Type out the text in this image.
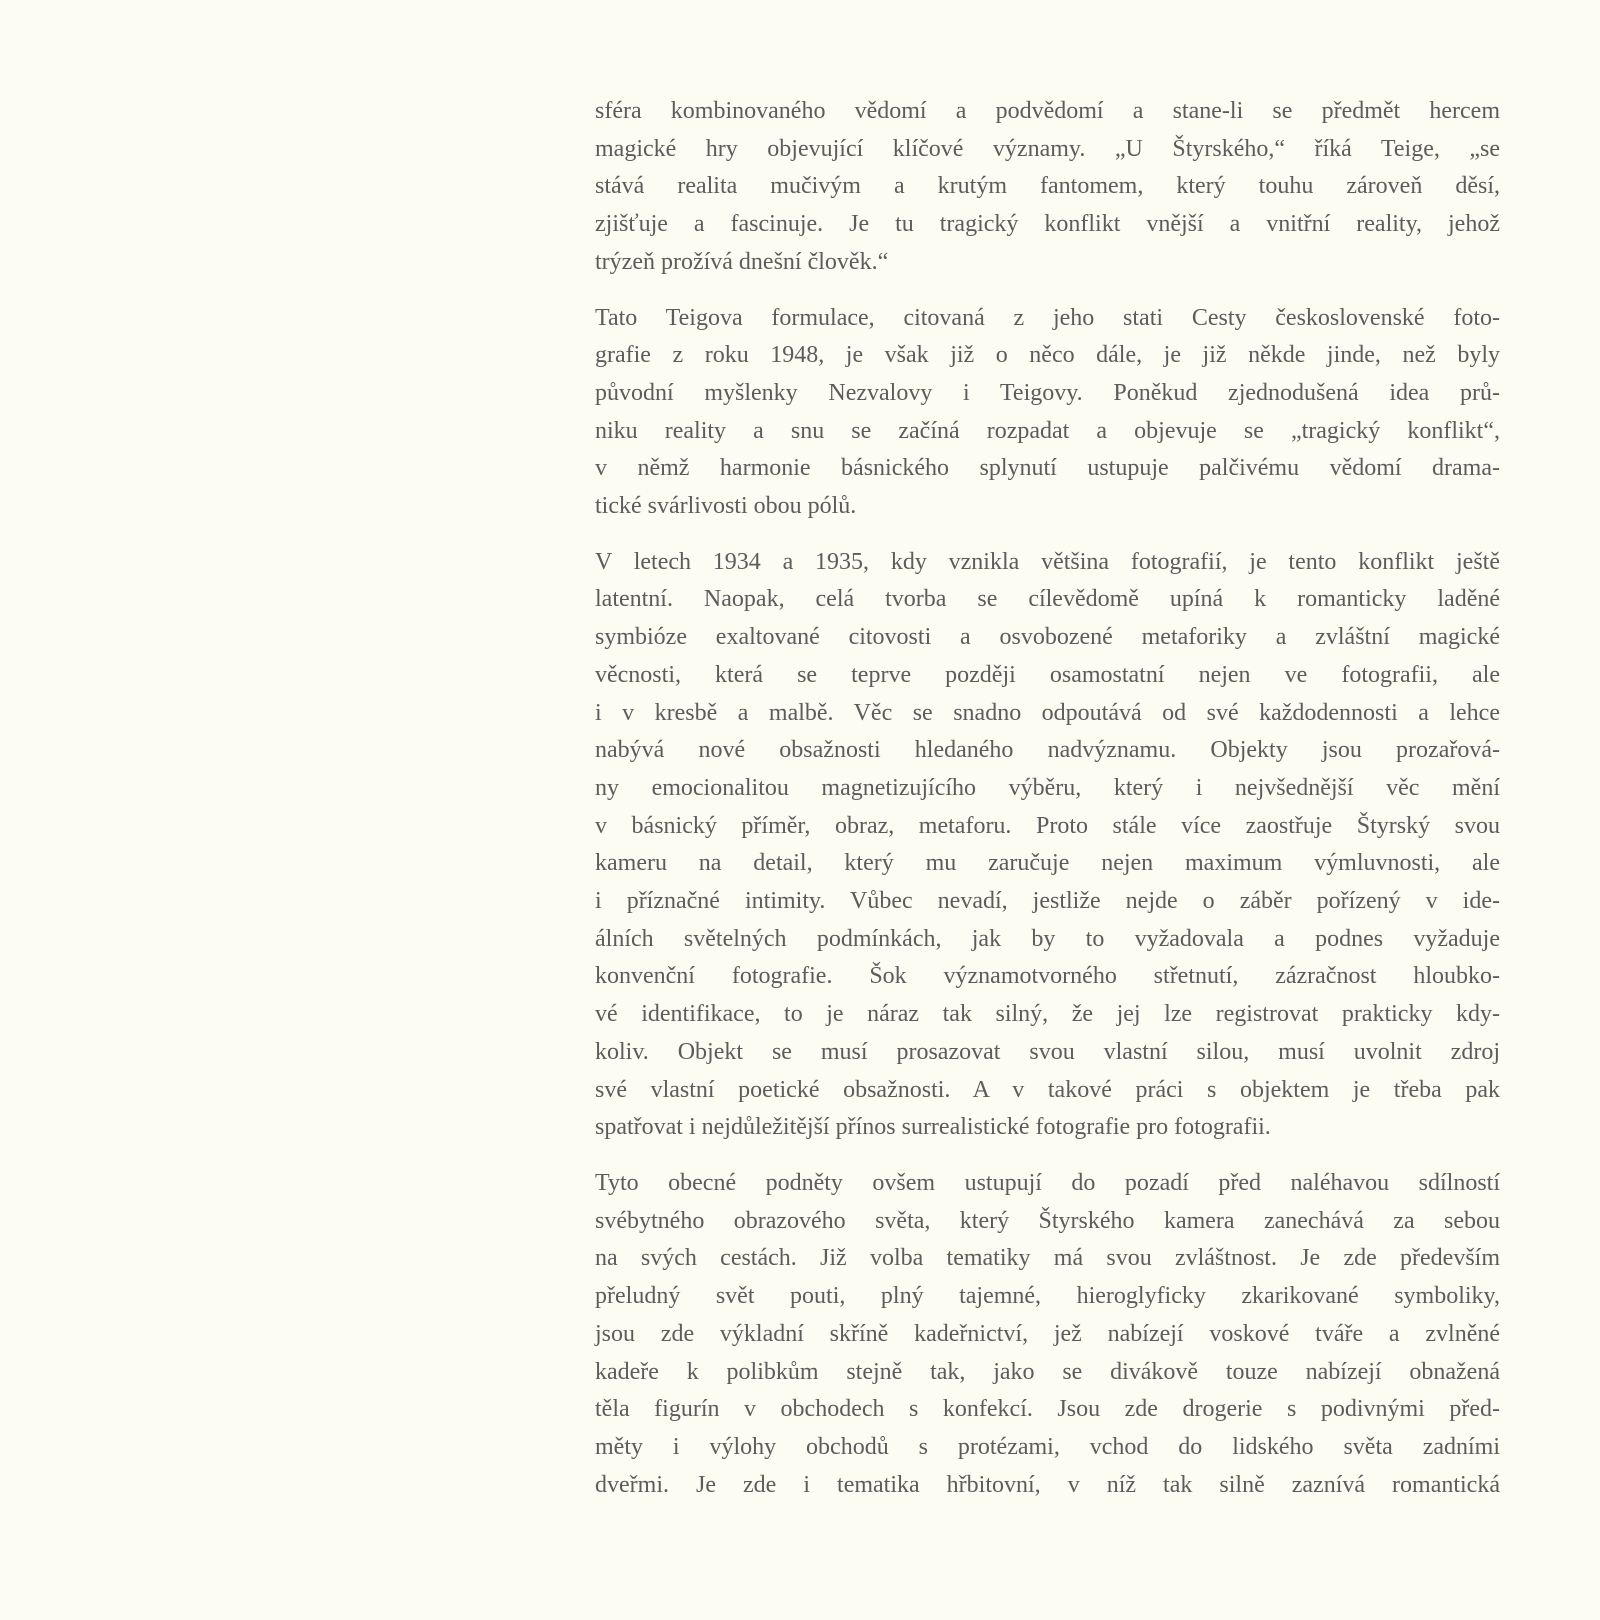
sféra kombinovaného vědomí a podvědomí a stane-li se předmět hercem
magické hry objevující klíčové významy. „U Štyrského,“ říká Teige, „se
stává realita mučivým a krutým fantomem, který touhu zároveň děsí,
zjišťuje a fascinuje. Je tu tragický konflikt vnější a vnitřní reality, jehož
trýzeň prožívá dnešní člověk.“

Tato Teigova formulace, citovaná z jeho stati Cesty československé foto-
grafie z roku 1948, je však již o něco dále, je již někde jinde, než byly
původní myšlenky Nezvalovy i Teigovy. Poněkud zjednodušená idea prů-
niku reality a snu se začíná rozpadat a objevuje se „tragický konflikt“,
v němž harmonie básnického splynutí ustupuje palčivému vědomí drama-
tické svárlivosti obou pólů.

V letech 1934 a 1935, kdy vznikla většina fotografií, je tento konflikt ještě
latentní. Naopak, celá tvorba se cílevědomě upíná k romanticky laděné
symbióze exaltované citovosti a osvobozené metaforiky a zvláštní magické
věcnosti, která se teprve později osamostatní nejen ve fotografii, ale
i v kresbě a malbě. Věc se snadno odpoutává od své každodennosti a lehce
nabývá nové obsažnosti hledaného nadvýznamu. Objekty jsou prozařová-
ny emocionalitou magnetizujícího výběru, který i nejvšednější věc mění
v básnický příměr, obraz, metaforu. Proto stále více zaostřuje Štyrský svou
kameru na detail, který mu zaručuje nejen maximum výmluvnosti, ale
i příznačné intimity. Vůbec nevadí, jestliže nejde o záběr pořízený v ide-
álních světelných podmínkách, jak by to vyžadovala a podnes vyžaduje
konvenční fotografie. Šok významotvorného střetnutí, zázračnost hloubko-
vé identifikace, to je náraz tak silný, že jej lze registrovat prakticky kdy-
koliv. Objekt se musí prosazovat svou vlastní silou, musí uvolnit zdroj
své vlastní poetické obsažnosti. A v takové práci s objektem je třeba pak
spatřovat i nejdůležitější přínos surrealistické fotografie pro fotografii.

Tyto obecné podněty ovšem ustupují do pozadí před naléhavou sdílností
svébytného obrazového světa, který Štyrského kamera zanechává za sebou
na svých cestách. Již volba tematiky má svou zvláštnost. Je zde především
přeludný svět pouti, plný tajemné, hieroglyficky zkarikované symboliky,
jsou zde výkladní skříně kadeřnictví, jež nabízejí voskové tváře a zvlněné
kadeře k polibkům stejně tak, jako se divákově touze nabízejí obnažená
těla figurín v obchodech s konfekcí. Jsou zde drogerie s podivnými před-
měty i výlohy obchodů s protézami, vchod do lidského světa zadními
dveřmi. Je zde i tematika hřbitovní, v níž tak silně zaznívá romantická
